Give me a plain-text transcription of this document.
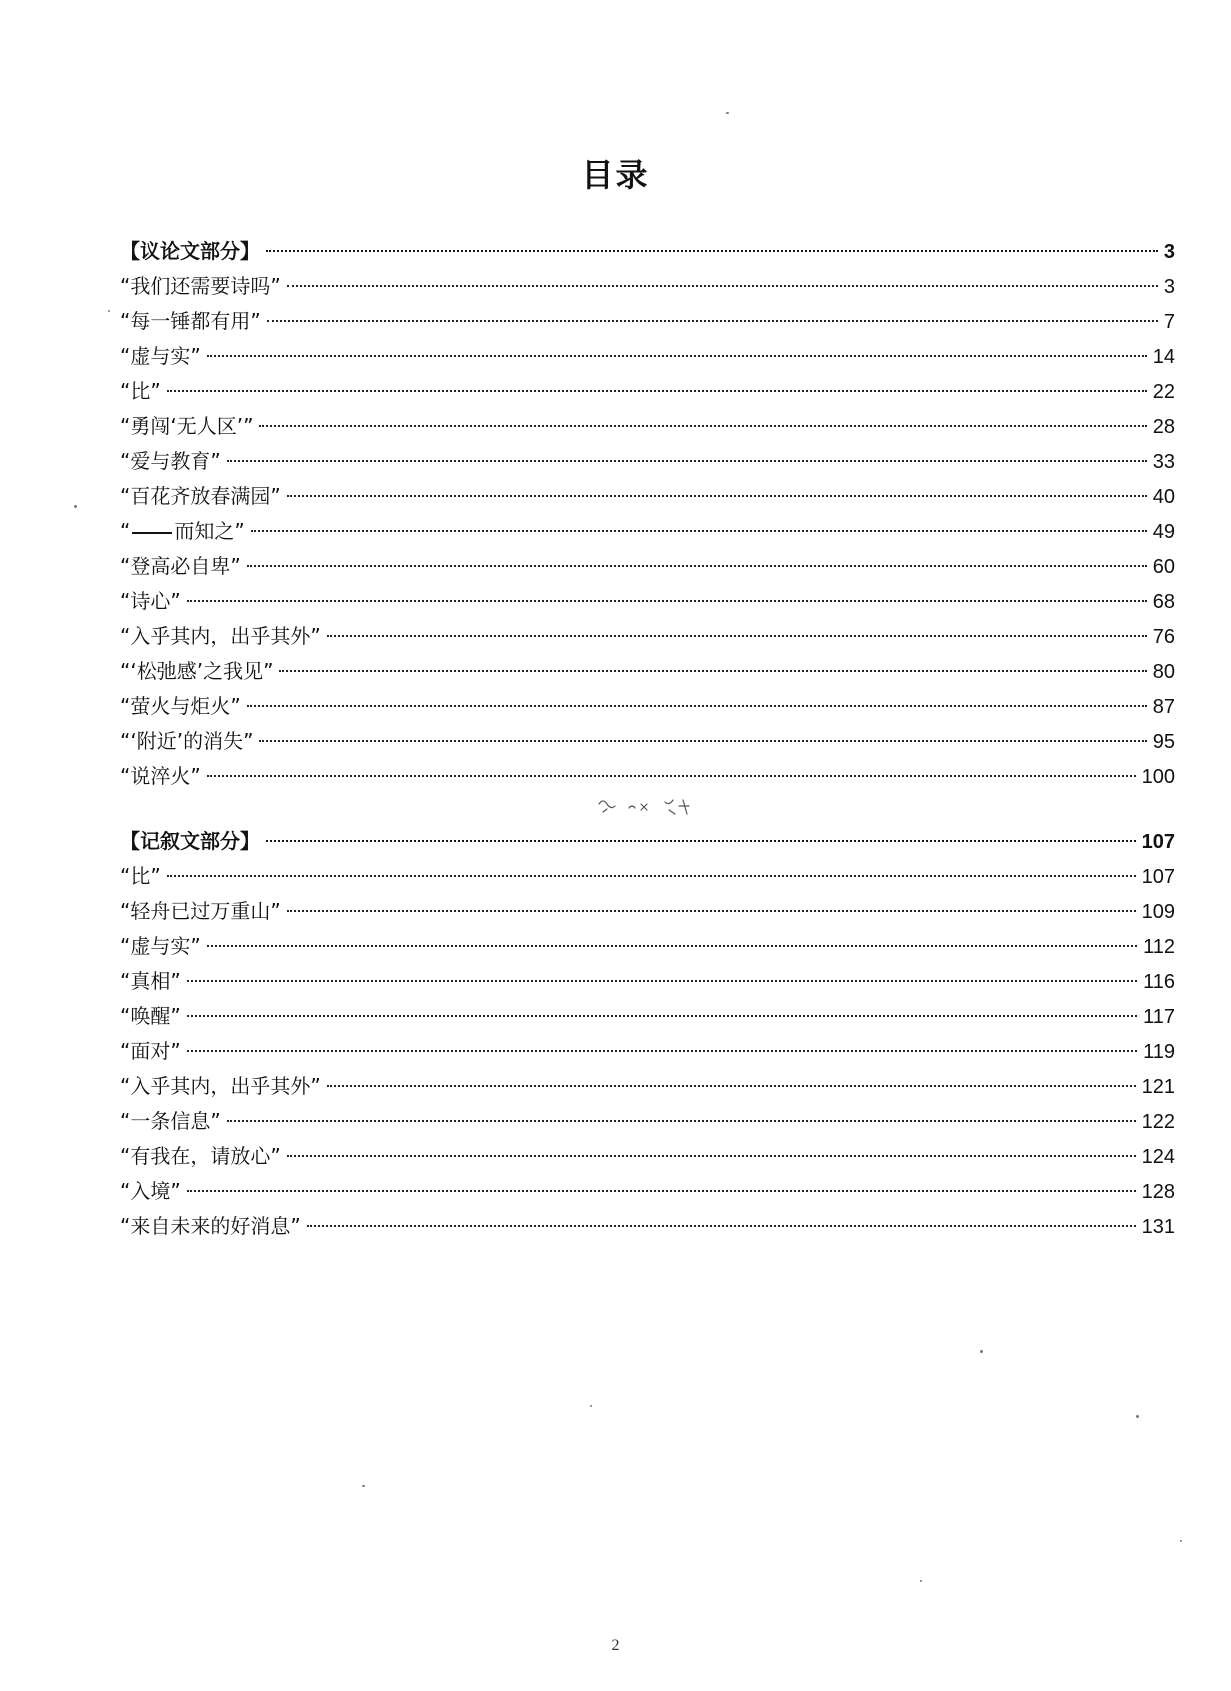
目录
【议论文部分】	3
“我们还需要诗吗”	3
“每一锤都有用”	7
“虚与实”	14
“比”	22
“勇闯‘无人区’”	28
“爱与教育”	33
“百花齐放春满园”	40
“ 而知之”	49
“登高必自卑”	60
“诗心”	68
“入乎其内，出乎其外”	76
“‘松弛感’之我见”	80
“萤火与炬火”	87
“‘附近’的消失”	95
“说淬火”	100
【记叙文部分】	107
“比”	107
“轻舟已过万重山”	109
“虚与实”	112
“真相”	116
“唤醒”	117
“面对”	119
“入乎其内，出乎其外”	121
“一条信息”	122
“有我在，请放心”	124
“入境”	128
“来自未来的好消息”	131
2
